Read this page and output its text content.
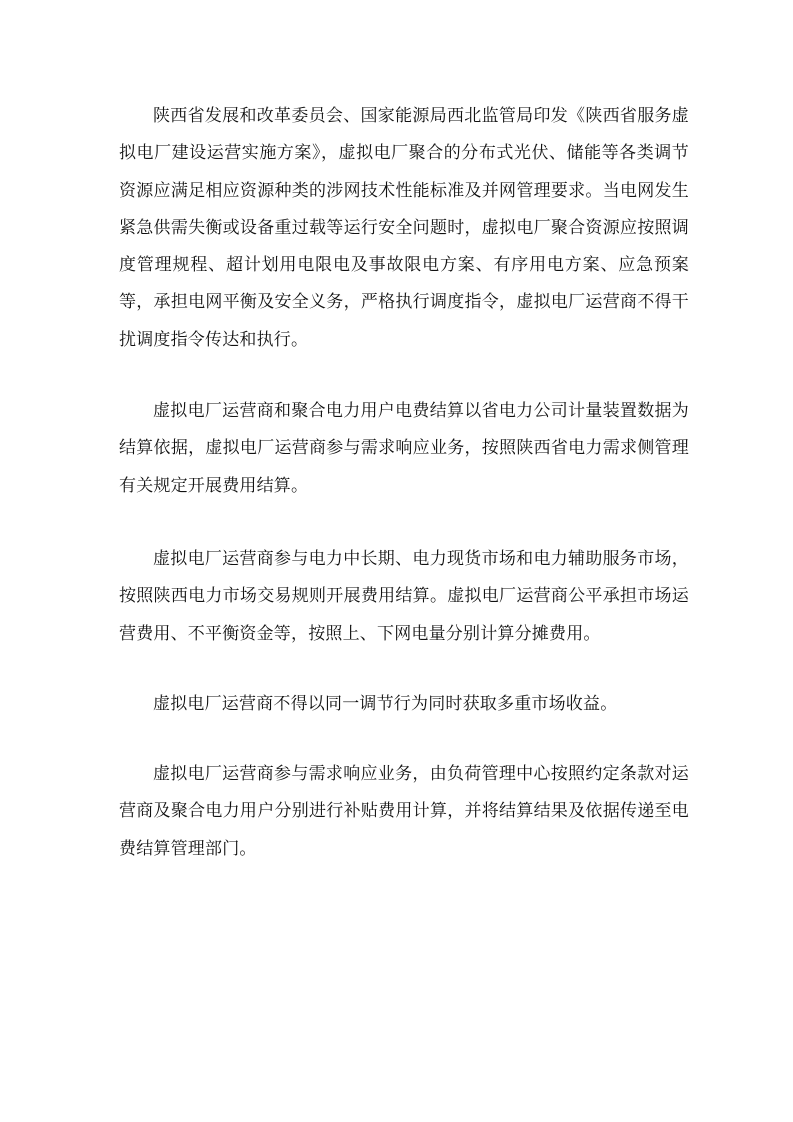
陕西省发展和改革委员会、国家能源局西北监管局印发《陕西省服务虚拟电厂建设运营实施方案》，虚拟电厂聚合的分布式光伏、储能等各类调节资源应满足相应资源种类的涉网技术性能标准及并网管理要求。当电网发生紧急供需失衡或设备重过载等运行安全问题时，虚拟电厂聚合资源应按照调度管理规程、超计划用电限电及事故限电方案、有序用电方案、应急预案等，承担电网平衡及安全义务，严格执行调度指令，虚拟电厂运营商不得干扰调度指令传达和执行。

虚拟电厂运营商和聚合电力用户电费结算以省电力公司计量装置数据为结算依据，虚拟电厂运营商参与需求响应业务，按照陕西省电力需求侧管理有关规定开展费用结算。

虚拟电厂运营商参与电力中长期、电力现货市场和电力辅助服务市场，按照陕西电力市场交易规则开展费用结算。虚拟电厂运营商公平承担市场运营费用、不平衡资金等，按照上、下网电量分别计算分摊费用。

虚拟电厂运营商不得以同一调节行为同时获取多重市场收益。

虚拟电厂运营商参与需求响应业务，由负荷管理中心按照约定条款对运营商及聚合电力用户分别进行补贴费用计算，并将结算结果及依据传递至电费结算管理部门。
